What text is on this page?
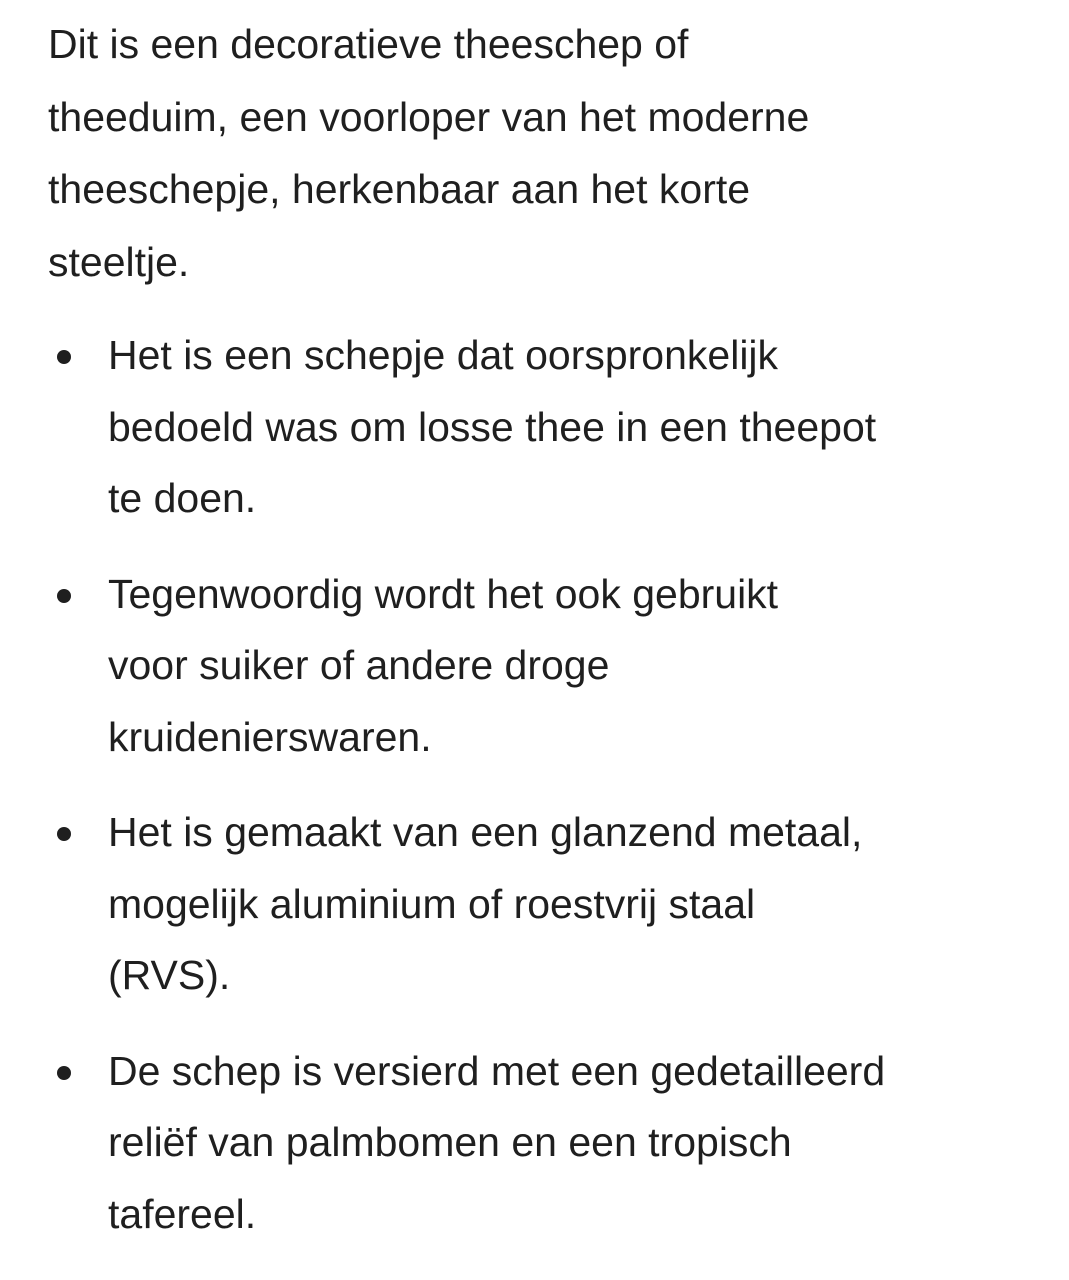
Dit is een decoratieve theeschep of
theeduim, een voorloper van het moderne
theeschepje, herkenbaar aan het korte
steeltje.
Het is een schepje dat oorspronkelijk
bedoeld was om losse thee in een theepot
te doen.
Tegenwoordig wordt het ook gebruikt
voor suiker of andere droge
kruidenierswaren.
Het is gemaakt van een glanzend metaal,
mogelijk aluminium of roestvrij staal
(RVS).
De schep is versierd met een gedetailleerd
reliëf van palmbomen en een tropisch
tafereel.
